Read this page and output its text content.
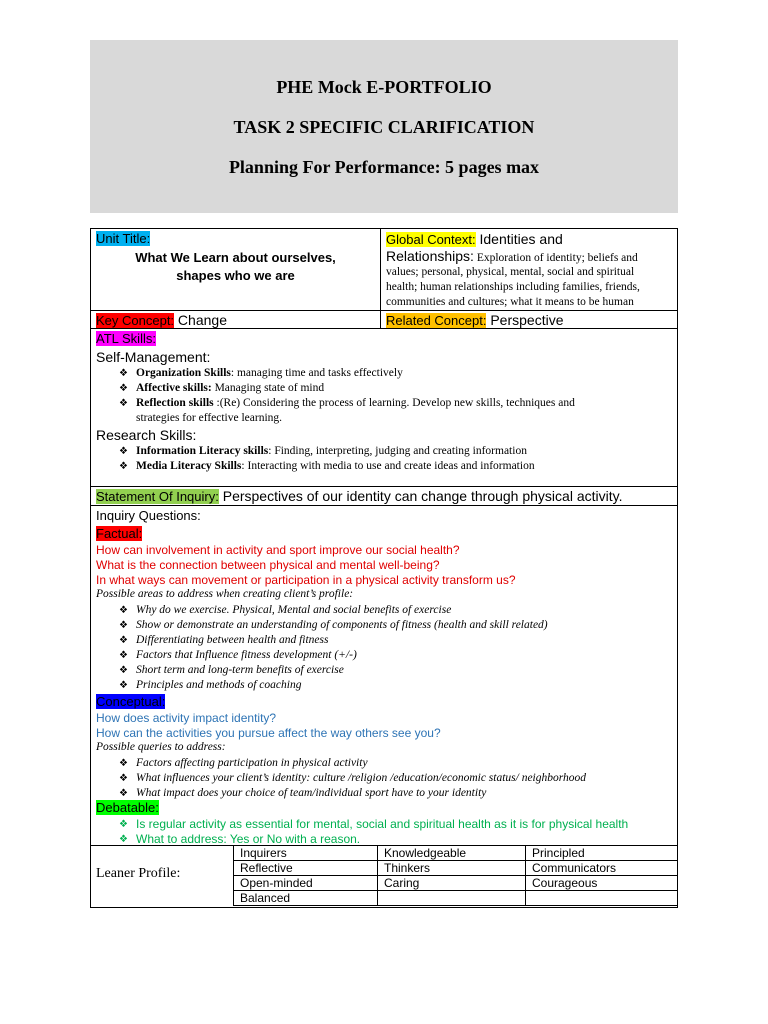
PHE Mock E-PORTFOLIO
TASK 2 SPECIFIC CLARIFICATION
Planning For Performance: 5 pages max
Unit Title:
What We Learn about ourselves,
shapes who we are
Global Context: Identities and
Relationships: Exploration of identity; beliefs and
values; personal, physical, mental, social and spiritual
health; human relationships including families, friends,
communities and cultures; what it means to be human
Key Concept: Change	Related Concept: Perspective
ATL Skills:
Self-Management:
❖ Organization Skills: managing time and tasks effectively
❖ Affective skills: Managing state of mind
❖ Reflection skills :(Re) Considering the process of learning. Develop new skills, techniques and
strategies for effective learning.
Research Skills:
❖ Information Literacy skills: Finding, interpreting, judging and creating information
❖ Media Literacy Skills: Interacting with media to use and create ideas and information
Statement Of Inquiry: Perspectives of our identity can change through physical activity.
Inquiry Questions:
Factual:
How can involvement in activity and sport improve our social health?
What is the connection between physical and mental well-being?
In what ways can movement or participation in a physical activity transform us?
Possible areas to address when creating client’s profile:
❖ Why do we exercise. Physical, Mental and social benefits of exercise
❖ Show or demonstrate an understanding of components of fitness (health and skill related)
❖ Differentiating between health and fitness
❖ Factors that Influence fitness development (+/-)
❖ Short term and long-term benefits of exercise
❖ Principles and methods of coaching
Conceptual:
How does activity impact identity?
How can the activities you pursue affect the way others see you?
Possible queries to address:
❖ Factors affecting participation in physical activity
❖ What influences your client’s identity: culture /religion /education/economic status/ neighborhood
❖ What impact does your choice of team/individual sport have to your identity
Debatable:
❖ Is regular activity as essential for mental, social and spiritual health as it is for physical health
❖ What to address: Yes or No with a reason.
Leaner Profile:
Inquirers	Knowledgeable	Principled
Reflective	Thinkers	Communicators
Open-minded	Caring	Courageous
Balanced		
